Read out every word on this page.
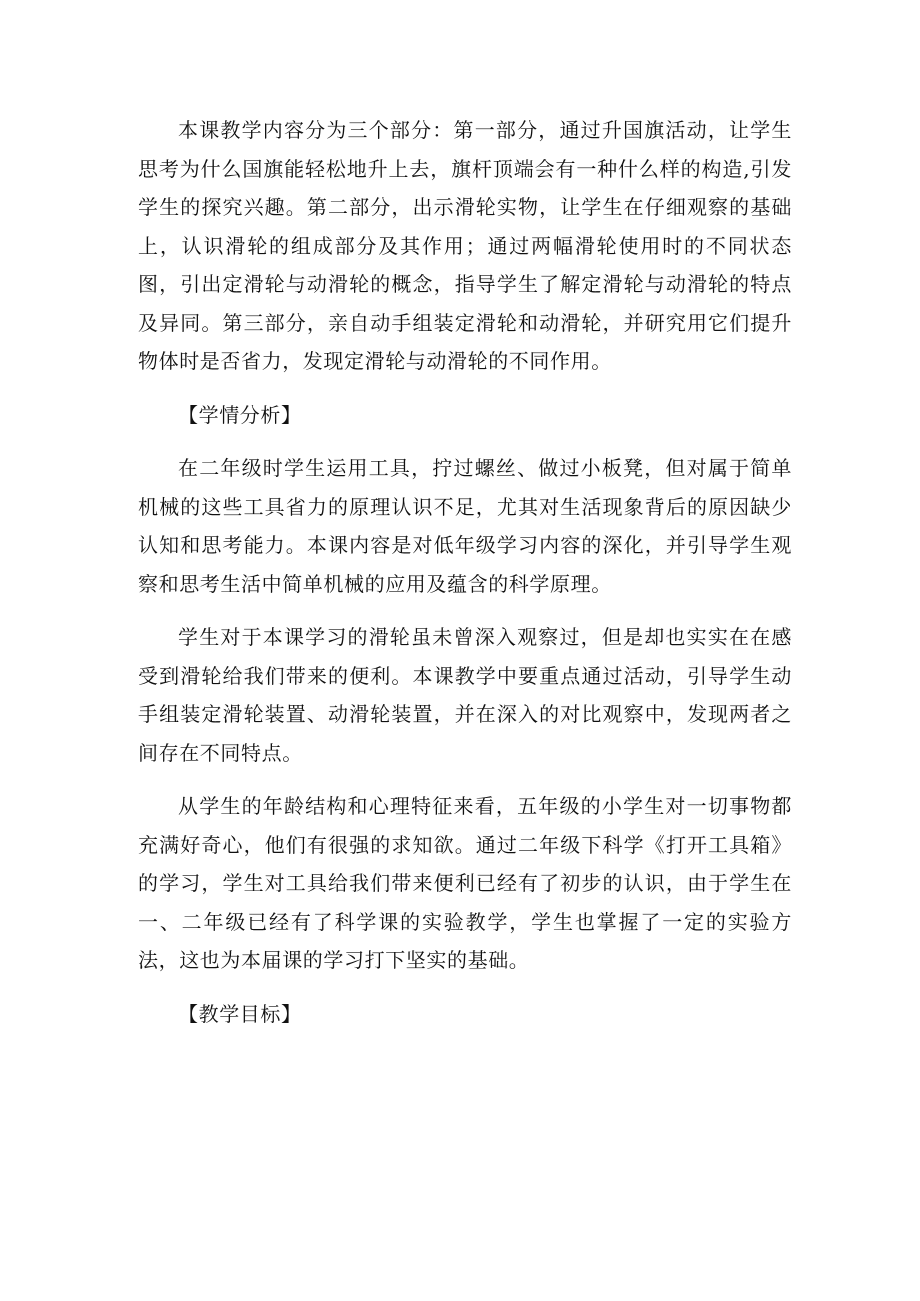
本课教学内容分为三个部分：第一部分，通过升国旗活动，让学生思考为什么国旗能轻松地升上去，旗杆顶端会有一种什么样的构造,引发学生的探究兴趣。第二部分，出示滑轮实物，让学生在仔细观察的基础上，认识滑轮的组成部分及其作用；通过两幅滑轮使用时的不同状态图，引出定滑轮与动滑轮的概念，指导学生了解定滑轮与动滑轮的特点及异同。第三部分，亲自动手组装定滑轮和动滑轮，并研究用它们提升物体时是否省力，发现定滑轮与动滑轮的不同作用。

【学情分析】

在二年级时学生运用工具，拧过螺丝、做过小板凳，但对属于简单机械的这些工具省力的原理认识不足，尤其对生活现象背后的原因缺少认知和思考能力。本课内容是对低年级学习内容的深化，并引导学生观察和思考生活中简单机械的应用及蕴含的科学原理。

学生对于本课学习的滑轮虽未曾深入观察过，但是却也实实在在感受到滑轮给我们带来的便利。本课教学中要重点通过活动，引导学生动手组装定滑轮装置、动滑轮装置，并在深入的对比观察中，发现两者之间存在不同特点。

从学生的年龄结构和心理特征来看，五年级的小学生对一切事物都充满好奇心，他们有很强的求知欲。通过二年级下科学《打开工具箱》的学习，学生对工具给我们带来便利已经有了初步的认识，由于学生在一、二年级已经有了科学课的实验教学，学生也掌握了一定的实验方法，这也为本届课的学习打下坚实的基础。

【教学目标】
